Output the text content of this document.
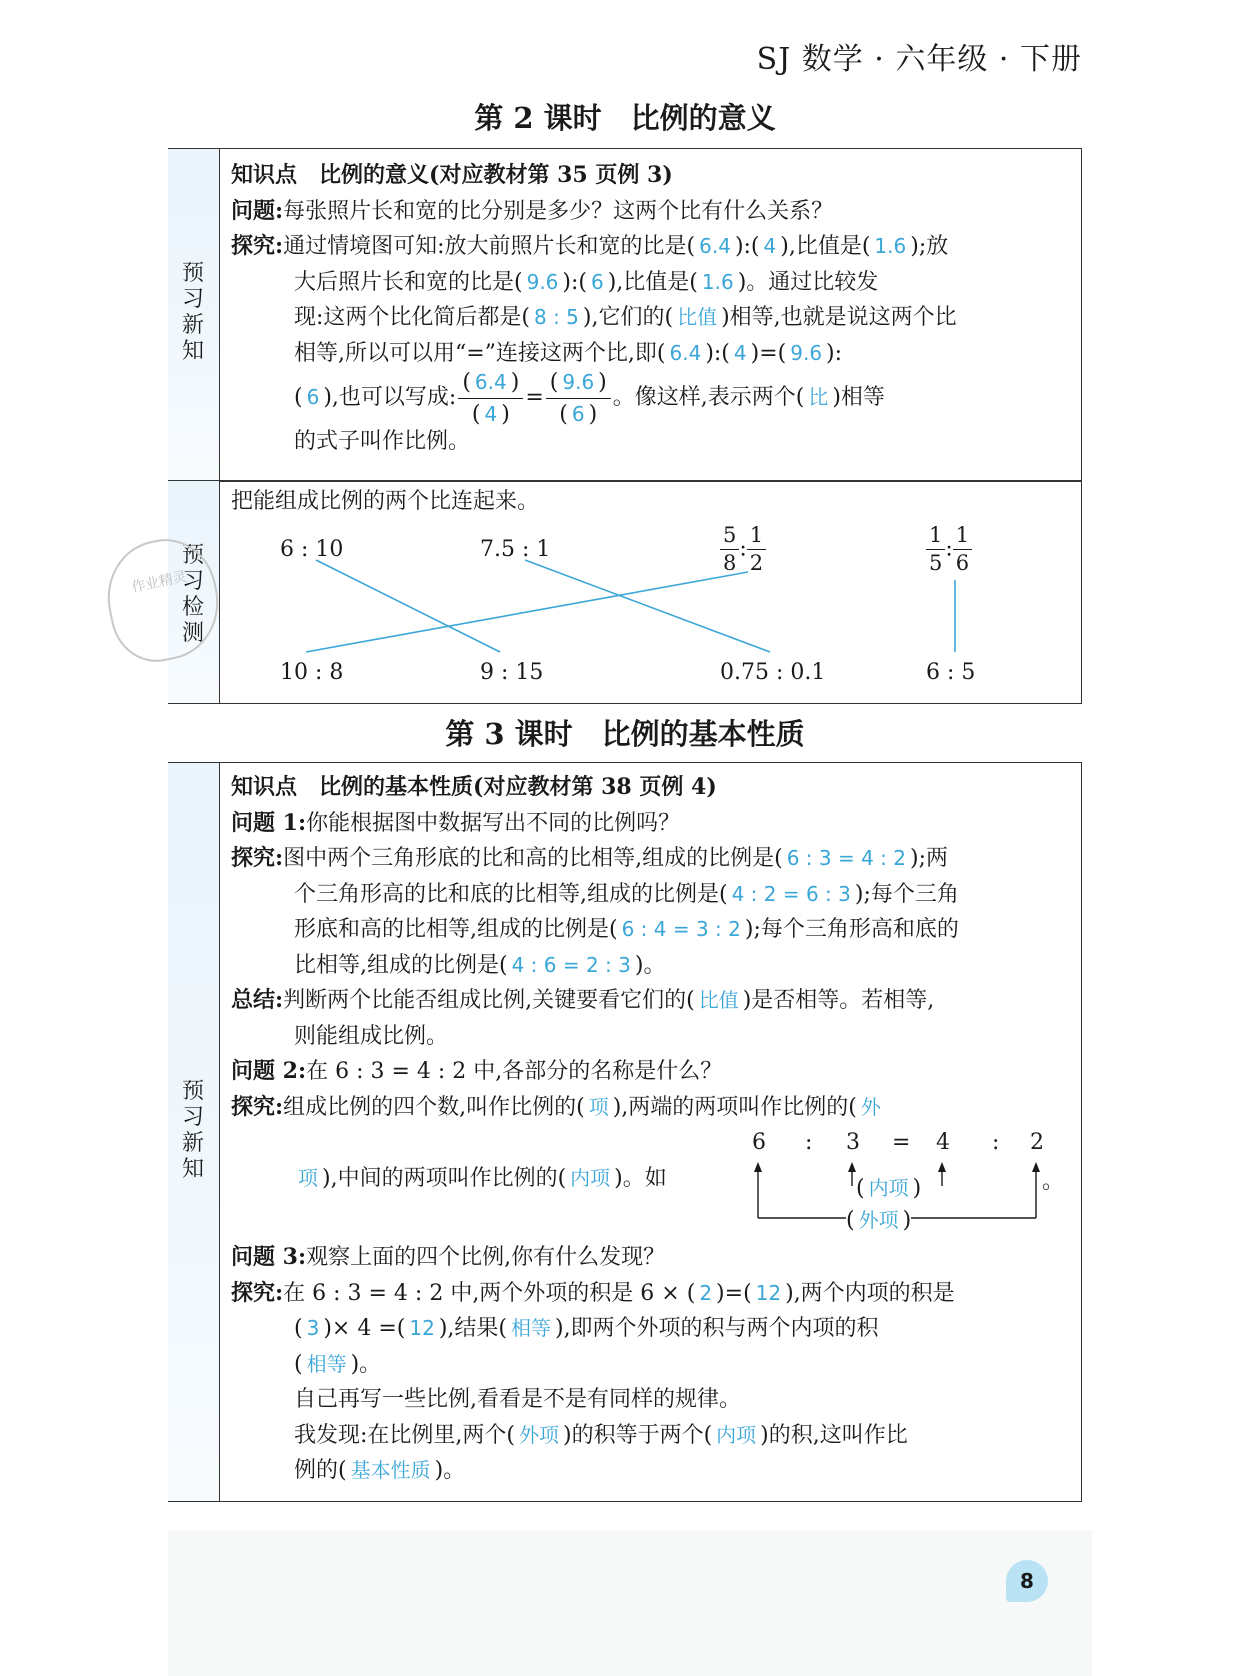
SJ 数学 · 六年级 · 下册
第 2 课时　比例的意义
预
习
新
知

知识点　 比例的意义(对应教材第 35 页例 3)

问题:每张照片长和宽的比分别是多少？这两个比有什么关系？

探究:通过情境图可知:放大前照片长和宽的比是( 6.4 ):( 4 ),比值是( 1.6 );放

大后照片长和宽的比是( 9.6 ):( 6 ),比值是( 1.6 )。通过比较发

现:这两个比化简后都是( 8 : 5 ),它们的( 比值 )相等,也就是说这两个比

相等,所以可以用“=”连接这两个比,即( 6.4 ):( 4 )=( 9.6 ):

( 6 ),也可以写成: $\frac{( 6.4 )}{( 4 )} = \frac{( 9.6 )}{( 6 )}$ 。像这样,表示两个( 比 )相等

的式子叫作比例。

预
习
检
测
作业精灵
把能组成比例的两个比连起来。
6 : 10	7.5 : 1	$\frac{5}{8}$ : $\frac{1}{2}$	$\frac{1}{5}$ : $\frac{1}{6}$
10 : 8	9 : 15	0.75 : 0.1	6 : 5
第 3 课时　比例的基本性质
预
习
新
知

知识点　 比例的基本性质(对应教材第 38 页例 4)

问题 1:你能根据图中数据写出不同的比例吗？

探究:图中两个三角形底的比和高的比相等,组成的比例是( 6 : 3 = 4 : 2 );两

个三角形高的比和底的比相等,组成的比例是( 4 : 2 = 6 : 3 );每个三角

形底和高的比相等,组成的比例是( 6 : 4 = 3 : 2 );每个三角形高和底的

比相等,组成的比例是( 4 : 6 = 2 : 3 )。

总结:判断两个比能否组成比例,关键要看它们的( 比值 )是否相等。若相等,

则能组成比例。

问题 2:在 6 : 3 = 4 : 2 中,各部分的名称是什么？

探究:组成比例的四个数,叫作比例的( 项 ),两端的两项叫作比例的( 外

项 ),中间的两项叫作比例的( 内项 )。如

6 : 3 = 4 : 2
( 内项 )
( 外项 )
。

问题 3:观察上面的四个比例,你有什么发现？

探究:在 6 : 3 = 4 : 2 中,两个外项的积是 6 × ( 2 )=( 12 ),两个内项的积是

( 3 )× 4 =( 12 ),结果( 相等 ),即两个外项的积与两个内项的积

( 相等 )。

自己再写一些比例,看看是不是有同样的规律。

我发现:在比例里,两个( 外项 )的积等于两个( 内项 )的积,这叫作比

例的( 基本性质 )。

8
